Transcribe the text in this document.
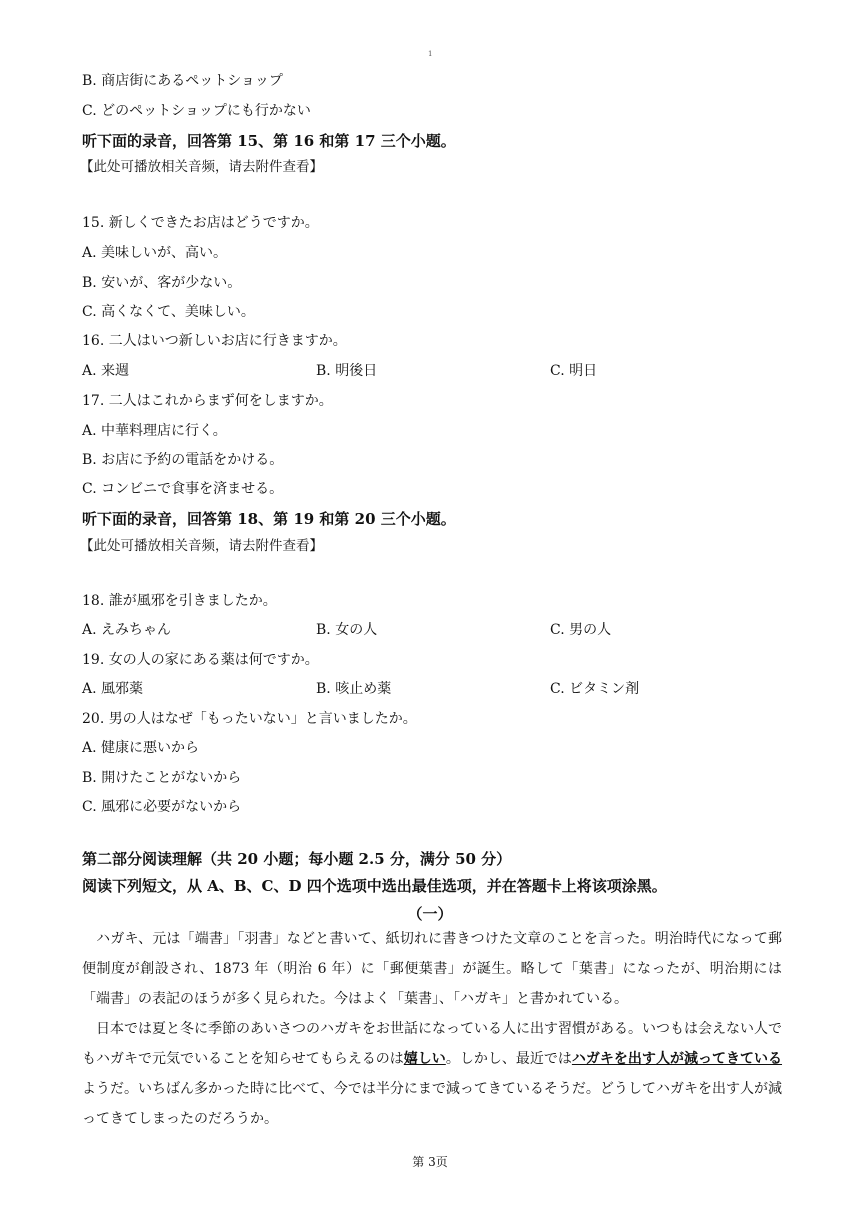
1
B. 商店街にあるペットショップ
C. どのペットショップにも行かない
听下面的录音，回答第 15、第 16 和第 17 三个小题。
【此处可播放相关音频，请去附件查看】
15. 新しくできたお店はどうですか。
A. 美味しいが、高い。
B. 安いが、客が少ない。
C. 高くなくて、美味しい。
16. 二人はいつ新しいお店に行きますか。
A. 来週	B. 明後日	C. 明日
17. 二人はこれからまず何をしますか。
A. 中華料理店に行く。
B. お店に予約の電話をかける。
C. コンビニで食事を済ませる。
听下面的录音，回答第 18、第 19 和第 20 三个小题。
【此处可播放相关音频，请去附件查看】
18. 誰が風邪を引きましたか。
A. えみちゃん	B. 女の人	C. 男の人
19. 女の人の家にある薬は何ですか。
A. 風邪薬	B. 咳止め薬	C. ビタミン剤
20. 男の人はなぜ「もったいない」と言いましたか。
A. 健康に悪いから
B. 開けたことがないから
C. 風邪に必要がないから
第二部分阅读理解（共 20 小题；每小题 2.5 分，满分 50 分）
阅读下列短文，从 A、B、C、D 四个选项中选出最佳选项，并在答题卡上将该项涂黑。
（一）
　ハガキ、元は「端書」「羽書」などと書いて、紙切れに書きつけた文章のことを言った。明治時代になって郵便制度が創設され、1873 年（明治 6 年）に「郵便葉書」が誕生。略して「葉書」になったが、明治期には「端書」の表記のほうが多く見られた。今はよく「葉書」、「ハガキ」と書かれている。
　日本では夏と冬に季節のあいさつのハガキをお世話になっている人に出す習慣がある。いつもは会えない人でもハガキで元気でいることを知らせてもらえるのは嬉しい。しかし、最近ではハガキを出す人が減ってきているようだ。いちばん多かった時に比べて、今では半分にまで減ってきているそうだ。どうしてハガキを出す人が減ってきてしまったのだろうか。
第 3页
